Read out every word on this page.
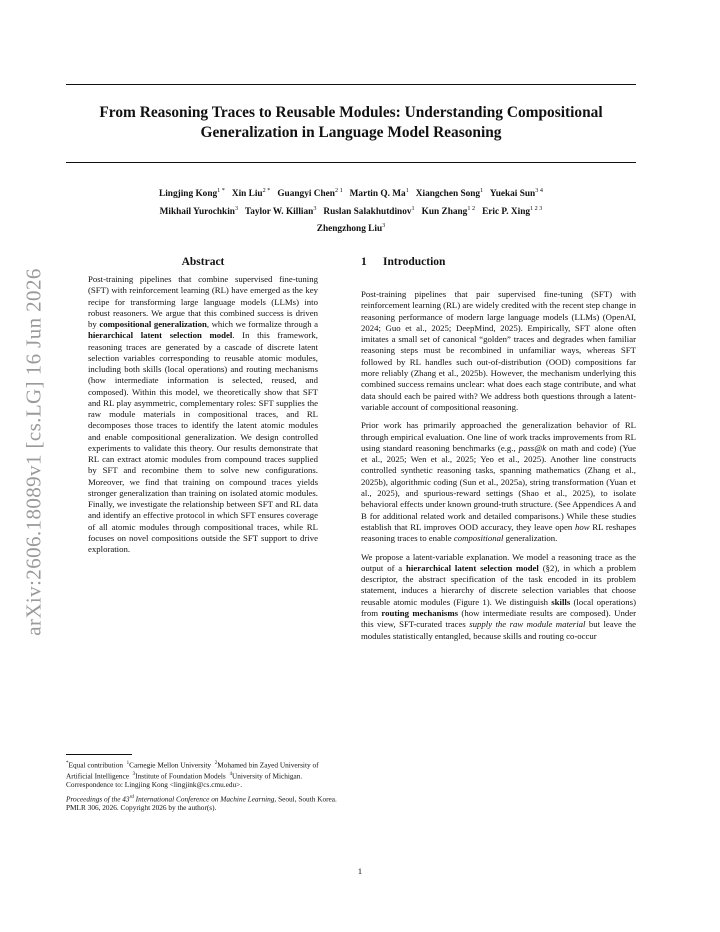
From Reasoning Traces to Reusable Modules: Understanding Compositional
Generalization in Language Model Reasoning
Lingjing Kong$^{1 *}$ Xin Liu$^{2 *}$ Guangyi Chen$^{2 1}$ Martin Q. Ma$^1$ Xiangchen Song$^1$ Yuekai Sun$^{3 4}$
Mikhail Yurochkin$^3$ Taylor W. Killian$^3$ Ruslan Salakhutdinov$^1$ Kun Zhang$^{1 2}$ Eric P. Xing$^{1 2 3}$
Zhengzhong Liu$^3$
arXiv:2606.18089v1 [cs.LG] 16 Jun 2026
Abstract

Post-training pipelines that combine supervised fine-tuning (SFT) with reinforcement learning (RL) have emerged as the key recipe for transforming large language models (LLMs) into robust reasoners. We argue that this combined success is driven by compositional generalization, which we formalize through a hierarchical latent selection model. In this framework, reasoning traces are generated by a cascade of discrete latent selection variables corresponding to reusable atomic modules, including both skills (local operations) and routing mechanisms (how intermediate information is selected, reused, and composed). Within this model, we theoretically show that SFT and RL play asymmetric, complementary roles: SFT supplies the raw module materials in compositional traces, and RL decomposes those traces to identify the latent atomic modules and enable compositional generalization. We design controlled experiments to validate this theory. Our results demonstrate that RL can extract atomic modules from compound traces supplied by SFT and recombine them to solve new configurations. Moreover, we find that training on compound traces yields stronger generalization than training on isolated atomic modules. Finally, we investigate the relationship between SFT and RL data and identify an effective protocol in which SFT ensures coverage of all atomic modules through compositional traces, while RL focuses on novel compositions outside the SFT support to drive exploration.

*Equal contribution $^1$Carnegie Mellon University $^2$Mohamed bin Zayed University of Artificial Intelligence $^3$Institute of Foundation Models $^4$University of Michigan. Correspondence to: Lingjing Kong <lingjink@cs.cmu.edu>.

Proceedings of the 43rd International Conference on Machine Learning, Seoul, South Korea. PMLR 306, 2026. Copyright 2026 by the author(s).

1 Introduction

Post-training pipelines that pair supervised fine-tuning (SFT) with reinforcement learning (RL) are widely credited with the recent step change in reasoning performance of modern large language models (LLMs) (OpenAI, 2024; Guo et al., 2025; DeepMind, 2025). Empirically, SFT alone often imitates a small set of canonical “golden” traces and degrades when familiar reasoning steps must be recombined in unfamiliar ways, whereas SFT followed by RL handles such out-of-distribution (OOD) compositions far more reliably (Zhang et al., 2025b). However, the mechanism underlying this combined success remains unclear: what does each stage contribute, and what data should each be paired with? We address both questions through a latent-variable account of compositional reasoning.

Prior work has primarily approached the generalization behavior of RL through empirical evaluation. One line of work tracks improvements from RL using standard reasoning benchmarks (e.g., pass@k on math and code) (Yue et al., 2025; Wen et al., 2025; Yeo et al., 2025). Another line constructs controlled synthetic reasoning tasks, spanning mathematics (Zhang et al., 2025b), algorithmic coding (Sun et al., 2025a), string transformation (Yuan et al., 2025), and spurious-reward settings (Shao et al., 2025), to isolate behavioral effects under known ground-truth structure. (See Appendices A and B for additional related work and detailed comparisons.) While these studies establish that RL improves OOD accuracy, they leave open how RL reshapes reasoning traces to enable compositional generalization.

We propose a latent-variable explanation. We model a reasoning trace as the output of a hierarchical latent selection model (§2), in which a problem descriptor, the abstract specification of the task encoded in its problem statement, induces a hierarchy of discrete selection variables that choose reusable atomic modules (Figure 1). We distinguish skills (local operations) from routing mechanisms (how intermediate results are composed). Under this view, SFT-curated traces supply the raw module material but leave the modules statistically entangled, because skills and routing co-occur

1
